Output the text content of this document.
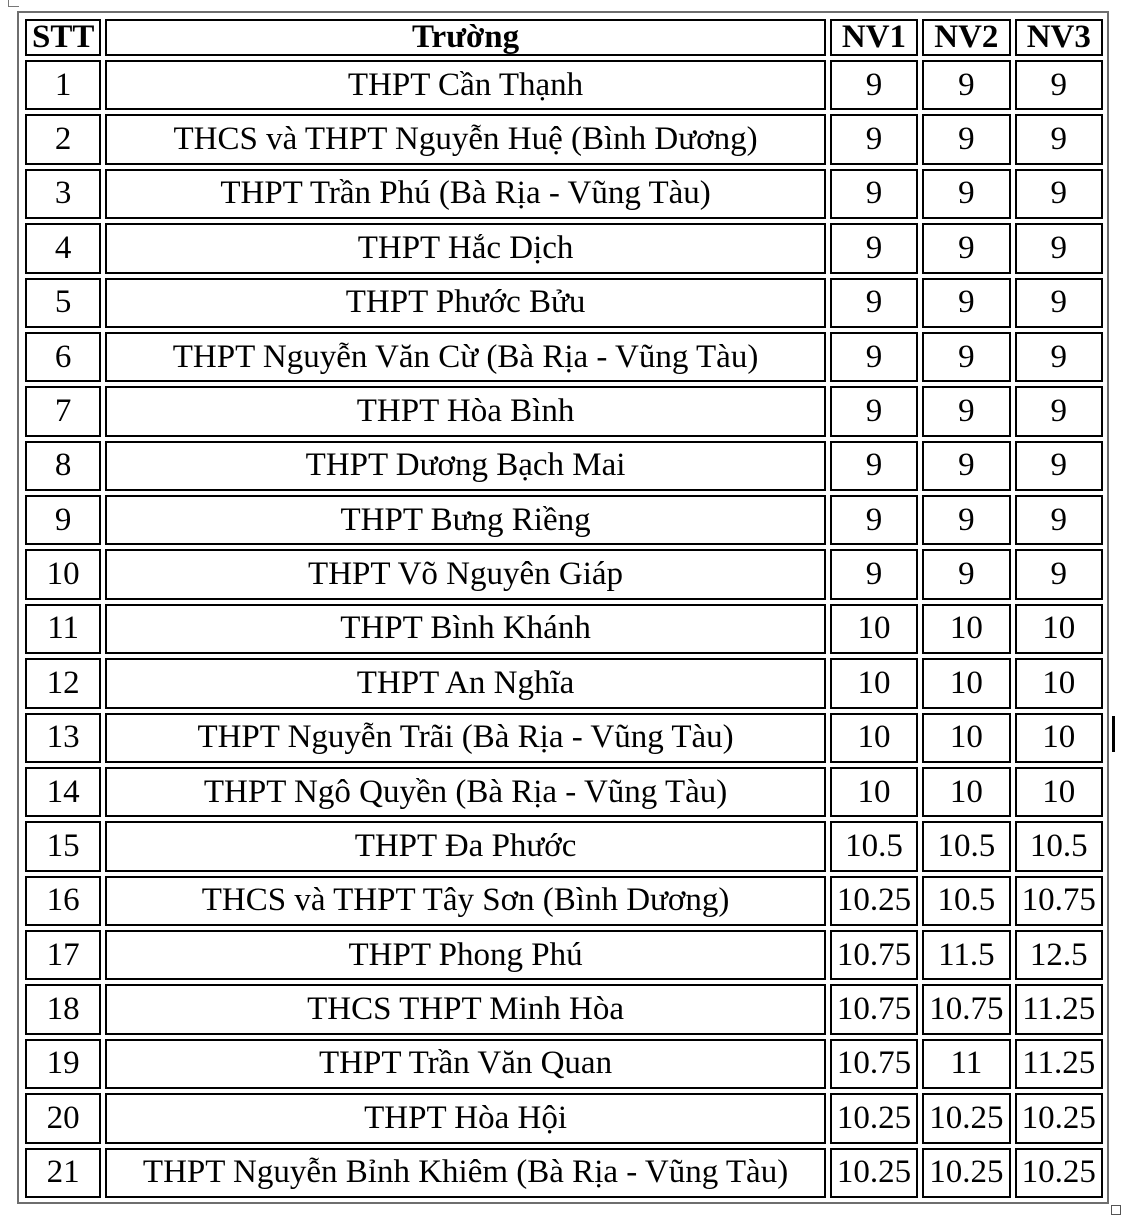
STT	Trường	NV1	NV2	NV3
1	THPT Cần Thạnh	9	9	9
2	THCS và THPT Nguyễn Huệ (Bình Dương)	9	9	9
3	THPT Trần Phú (Bà Rịa - Vũng Tàu)	9	9	9
4	THPT Hắc Dịch	9	9	9
5	THPT Phước Bửu	9	9	9
6	THPT Nguyễn Văn Cừ (Bà Rịa - Vũng Tàu)	9	9	9
7	THPT Hòa Bình	9	9	9
8	THPT Dương Bạch Mai	9	9	9
9	THPT Bưng Riềng	9	9	9
10	THPT Võ Nguyên Giáp	9	9	9
11	THPT Bình Khánh	10	10	10
12	THPT An Nghĩa	10	10	10
13	THPT Nguyễn Trãi (Bà Rịa - Vũng Tàu)	10	10	10
14	THPT Ngô Quyền (Bà Rịa - Vũng Tàu)	10	10	10
15	THPT Đa Phước	10.5	10.5	10.5
16	THCS và THPT Tây Sơn (Bình Dương)	10.25	10.5	10.75
17	THPT Phong Phú	10.75	11.5	12.5
18	THCS THPT Minh Hòa	10.75	10.75	11.25
19	THPT Trần Văn Quan	10.75	11	11.25
20	THPT Hòa Hội	10.25	10.25	10.25
21	THPT Nguyễn Bỉnh Khiêm (Bà Rịa - Vũng Tàu)	10.25	10.25	10.25
